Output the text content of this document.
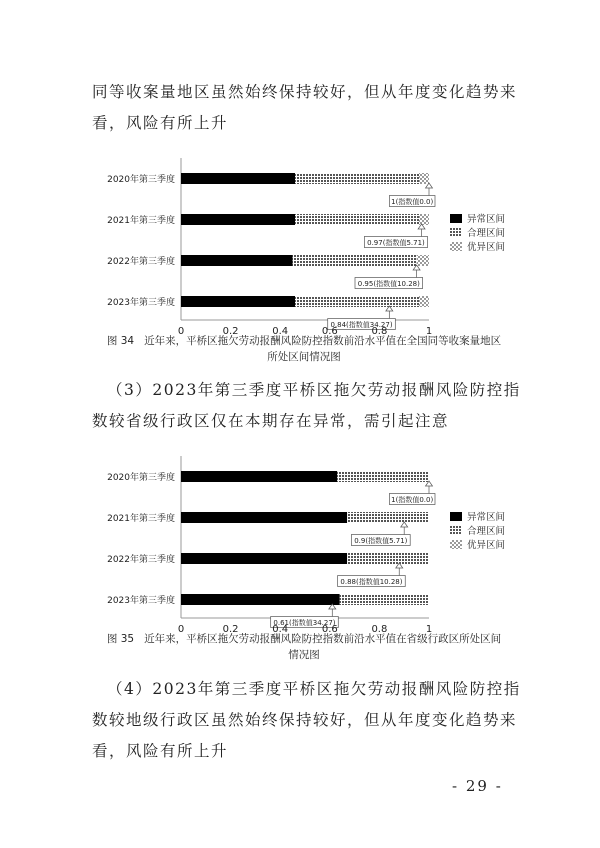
同等收案量地区虽然始终保持较好，但从年度变化趋势来看，风险有所上升
2020年第三季度
1(指数值0.0)
2021年第三季度
0.97(指数值5.71)
2022年第三季度
0.95(指数值10.28)
2023年第三季度
0.84(指数值34.27)
0	0.2	0.4	0.6	0.8	1
异常区间
合理区间
优异区间
图 34 近年来，平桥区拖欠劳动报酬风险防控指数前沿水平值在全国同等收案量地区
所处区间情况图
（3）2023年第三季度平桥区拖欠劳动报酬风险防控指数较省级行政区仅在本期存在异常，需引起注意
2020年第三季度
1(指数值0.0)
2021年第三季度
0.9(指数值5.71)
2022年第三季度
0.88(指数值10.28)
2023年第三季度
0.61(指数值34.27)
0	0.2	0.4	0.6	0.8	1
异常区间
合理区间
优异区间
图 35 近年来，平桥区拖欠劳动报酬风险防控指数前沿水平值在省级行政区所处区间
情况图
（4）2023年第三季度平桥区拖欠劳动报酬风险防控指数较地级行政区虽然始终保持较好，但从年度变化趋势来看，风险有所上升
- 29 -
